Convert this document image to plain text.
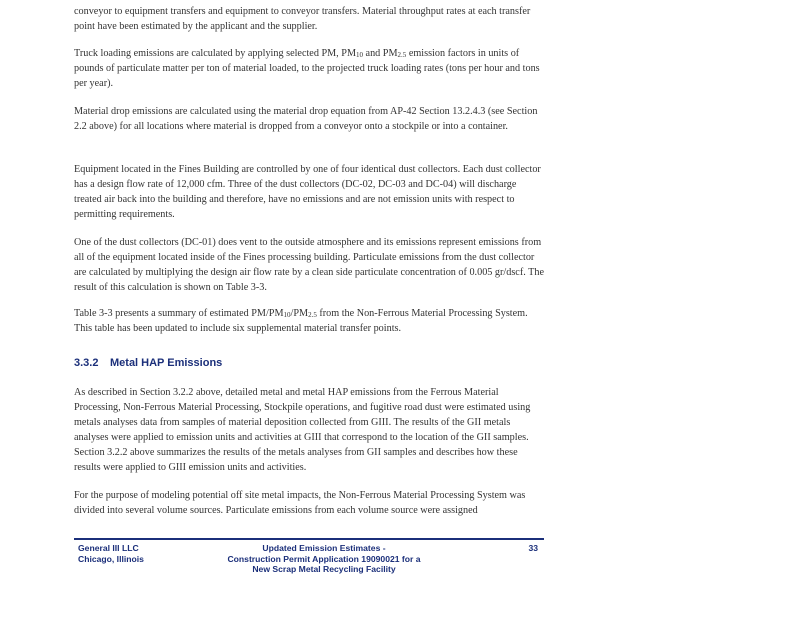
conveyor to equipment transfers and equipment to conveyor transfers. Material throughput rates at each transfer point have been estimated by the applicant and the supplier.

Truck loading emissions are calculated by applying selected PM, $PM_{10}$ and $PM_{2.5}$ emission factors in units of pounds of particulate matter per ton of material loaded, to the projected truck loading rates (tons per hour and tons per year).

Material drop emissions are calculated using the material drop equation from AP-42 Section 13.2.4.3 (see Section 2.2 above) for all locations where material is dropped from a conveyor onto a stockpile or into a container.

Equipment located in the Fines Building are controlled by one of four identical dust collectors. Each dust collector has a design flow rate of 12,000 cfm. Three of the dust collectors (DC-02, DC-03 and DC-04) will discharge treated air back into the building and therefore, have no emissions and are not emission units with respect to permitting requirements.

One of the dust collectors (DC-01) does vent to the outside atmosphere and its emissions represent emissions from all of the equipment located inside of the Fines processing building. Particulate emissions from the dust collector are calculated by multiplying the design air flow rate by a clean side particulate concentration of 0.005 gr/dscf. The result of this calculation is shown on Table 3-3.

Table 3-3 presents a summary of estimated $PM/PM_{10}/PM_{2.5}$ from the Non-Ferrous Material Processing System. This table has been updated to include six supplemental material transfer points.

3.3.2 Metal HAP Emissions

As described in Section 3.2.2 above, detailed metal and metal HAP emissions from the Ferrous Material Processing, Non-Ferrous Material Processing, Stockpile operations, and fugitive road dust were estimated using metals analyses data from samples of material deposition collected from GIII. The results of the GII metals analyses were applied to emission units and activities at GIII that correspond to the location of the GII samples. Section 3.2.2 above summarizes the results of the metals analyses from GII samples and describes how these results were applied to GIII emission units and activities.

For the purpose of modeling potential off site metal impacts, the Non-Ferrous Material Processing System was divided into several volume sources. Particulate emissions from each volume source were assigned

General III LLC
Chicago, Illinois
Updated Emission Estimates -
Construction Permit Application 19090021 for a
New Scrap Metal Recycling Facility
33
